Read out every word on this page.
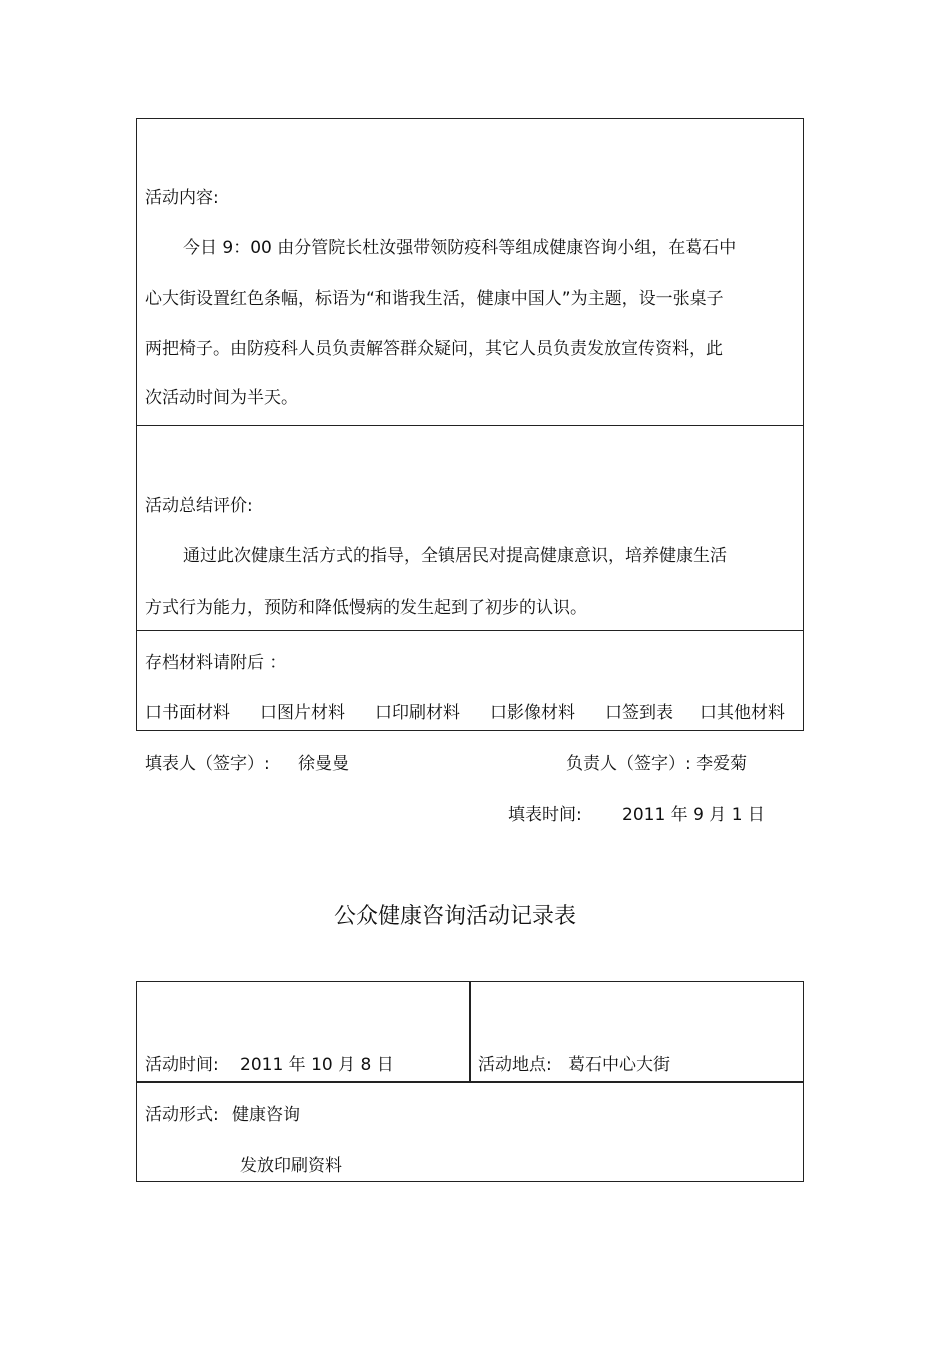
活动内容:
今日 9：00 由分管院长杜汝强带领防疫科等组成健康咨询小组，在葛石中
心大街设置红色条幅，标语为“和谐我生活，健康中国人”为主题，设一张桌子
两把椅子。由防疫科人员负责解答群众疑问，其它人员负责发放宣传资料，此
次活动时间为半天。
活动总结评价:
通过此次健康生活方式的指导，全镇居民对提高健康意识，培养健康生活
方式行为能力，预防和降低慢病的发生起到了初步的认识。
存档材料请附后 ：
口书面材料 口图片材料 口印刷材料 口影像材料 口签到表 口其他材料
填表人（签字）: 徐曼曼	负责人（签字）: 李爱菊
填表时间: 2011 年 9 月 1 日
公众健康咨询活动记录表
活动时间: 2011 年 10 月 8 日	活动地点: 葛石中心大街
活动形式: 健康咨询
发放印刷资料
